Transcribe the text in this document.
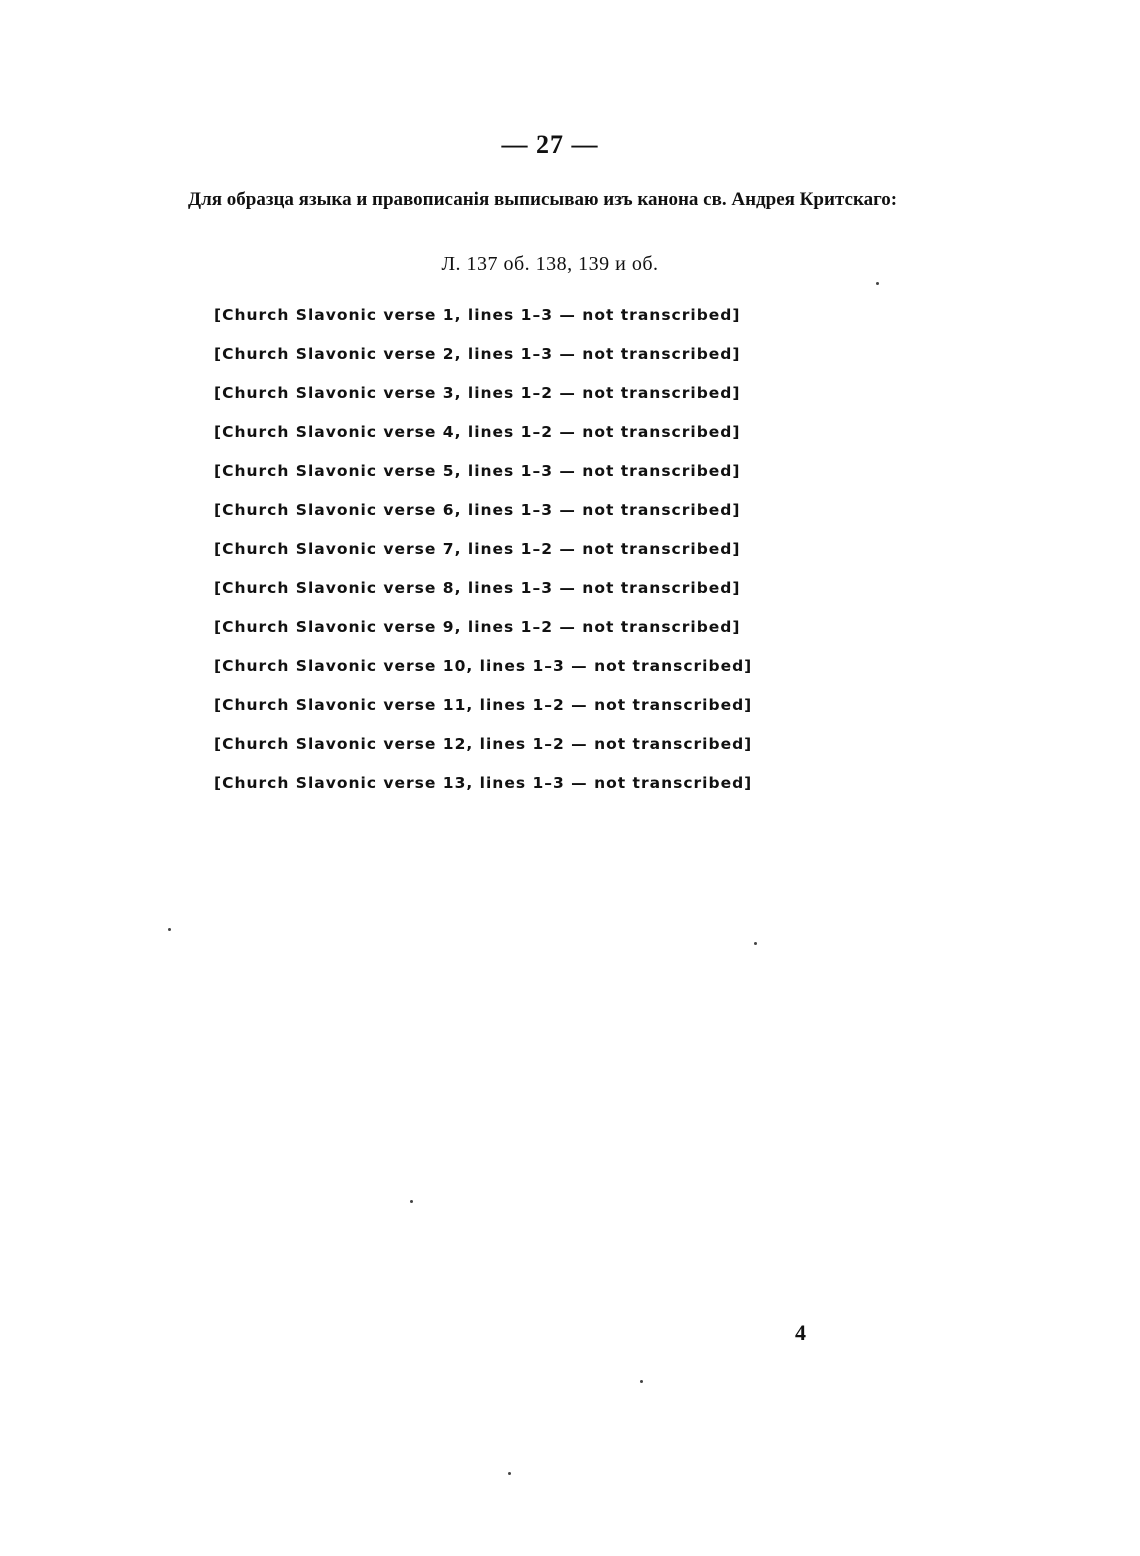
— 27 —
Для образца языка и правописанія выписываю изъ канона св. Андрея Критскаго:
Л. 137 об. 138, 139 и об.

[Church Slavonic verse 1, lines 1–3 — not transcribed]

[Church Slavonic verse 2, lines 1–3 — not transcribed]

[Church Slavonic verse 3, lines 1–2 — not transcribed]

[Church Slavonic verse 4, lines 1–2 — not transcribed]

[Church Slavonic verse 5, lines 1–3 — not transcribed]

[Church Slavonic verse 6, lines 1–3 — not transcribed]

[Church Slavonic verse 7, lines 1–2 — not transcribed]

[Church Slavonic verse 8, lines 1–3 — not transcribed]

[Church Slavonic verse 9, lines 1–2 — not transcribed]

[Church Slavonic verse 10, lines 1–3 — not transcribed]

[Church Slavonic verse 11, lines 1–2 — not transcribed]

[Church Slavonic verse 12, lines 1–2 — not transcribed]

[Church Slavonic verse 13, lines 1–3 — not transcribed]

4
